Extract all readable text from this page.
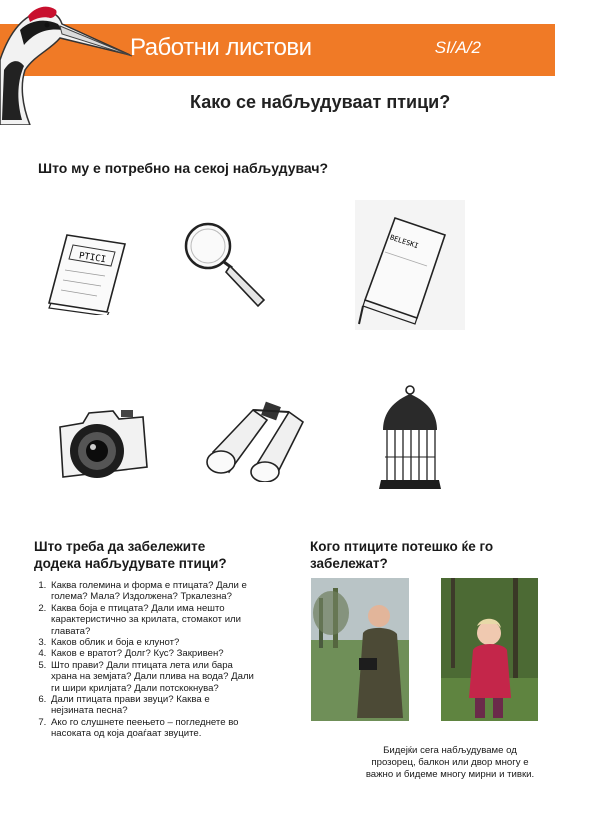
Работни листови	SI/A/2
Како се набљудуваат птици?
Што му е потребно на секој набљудувач?
PTICI
BELESKI
Што треба да забележите
додека набљудувате птици?
1. Каква големина и форма е птицата? Дали е голема? Мала? Издолжена? Тркалезна?
2. Каква боја е птицата? Дали има нешто карактеристично за крилата, стомакот или главата?
3. Каков облик и боја е клунот?
4. Каков е вратот? Долг? Кус? Закривен?
5. Што прави? Дали птицата лета или бара храна на земјата? Дали плива на вода? Дали ги шири крилјата? Дали потскокнува?
6. Дали птицата прави звуци? Каква е нејзината песна?
7. Ако го слушнете пеењето – погледнете во насоката од која доаѓаат звуците.
Кого птиците потешко ќе го
забележат?
Бидејќи сега набљудуваме од прозорец, балкон или двор многу е важно и бидеме многу мирни и тивки.
